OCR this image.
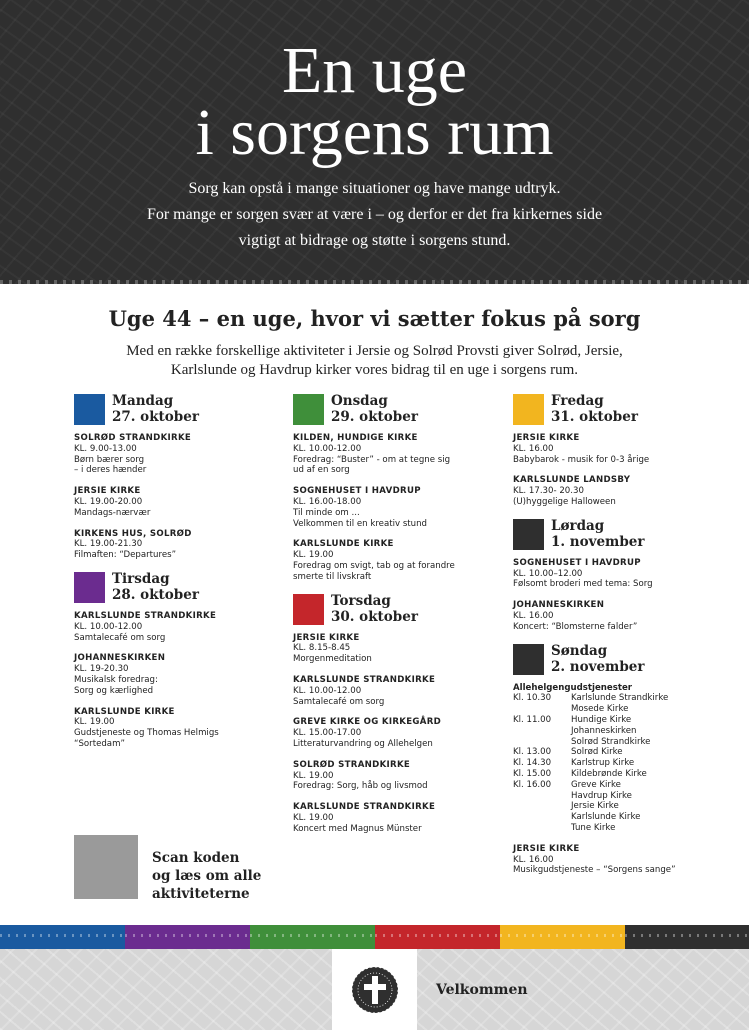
En uge
i sorgens rum
Sorg kan opstå i mange situationer og have mange udtryk.
For mange er sorgen svær at være i – og derfor er det fra kirkernes side
vigtigt at bidrage og støtte i sorgens stund.
Uge 44 – en uge, hvor vi sætter fokus på sorg
Med en række forskellige aktiviteter i Jersie og Solrød Provsti giver Solrød, Jersie,
Karlslunde og Havdrup kirker vores bidrag til en uge i sorgens rum.
Mandag
27. oktober
SOLRØD STRANDKIRKE
KL. 9.00-13.00
Børn bærer sorg
– i deres hænder
JERSIE KIRKE
KL. 19.00-20.00
Mandags-nærvær
KIRKENS HUS, SOLRØD
KL. 19.00-21.30
Filmaften: “Departures”
Tirsdag
28. oktober
KARLSLUNDE STRANDKIRKE
KL. 10.00-12.00
Samtalecafé om sorg
JOHANNESKIRKEN
KL. 19-20.30
Musikalsk foredrag:
Sorg og kærlighed
KARLSLUNDE KIRKE
KL. 19.00
Gudstjeneste og Thomas Helmigs
“Sortedam”
Onsdag
29. oktober
KILDEN, HUNDIGE KIRKE
KL. 10.00-12.00
Foredrag: “Buster” - om at tegne sig
ud af en sorg
SOGNEHUSET I HAVDRUP
KL. 16.00-18.00
Til minde om ...
Velkommen til en kreativ stund
KARLSLUNDE KIRKE
KL. 19.00
Foredrag om svigt, tab og at forandre
smerte til livskraft
Torsdag
30. oktober
JERSIE KIRKE
KL. 8.15-8.45
Morgenmeditation
KARLSLUNDE STRANDKIRKE
KL. 10.00-12.00
Samtalecafé om sorg
GREVE KIRKE OG KIRKEGÅRD
KL. 15.00-17.00
Litteraturvandring og Allehelgen
SOLRØD STRANDKIRKE
KL. 19.00
Foredrag: Sorg, håb og livsmod
KARLSLUNDE STRANDKIRKE
KL. 19.00
Koncert med Magnus Münster
Fredag
31. oktober
JERSIE KIRKE
KL. 16.00
Babybarok - musik for 0-3 årige
KARLSLUNDE LANDSBY
KL. 17.30- 20.30
(U)hyggelige Halloween
Lørdag
1. november
SOGNEHUSET I HAVDRUP
KL. 10.00–12.00
Følsomt broderi med tema: Sorg
JOHANNESKIRKEN
KL. 16.00
Koncert: “Blomsterne falder”
Søndag
2. november
Allehelgengudstjenester
Kl. 10.30	Karlslunde Strandkirke
Mosede Kirke
Kl. 11.00	Hundige Kirke
Johanneskirken
Solrød Strandkirke
Kl. 13.00	Solrød Kirke
Kl. 14.30	Karlstrup Kirke
Kl. 15.00	Kildebrønde Kirke
Kl. 16.00	Greve Kirke
Havdrup Kirke
Jersie Kirke
Karlslunde Kirke
Tune Kirke
JERSIE KIRKE
KL. 16.00
Musikgudstjeneste – “Sorgens sange”
Scan koden
og læs om alle
aktiviteterne
Velkommen
